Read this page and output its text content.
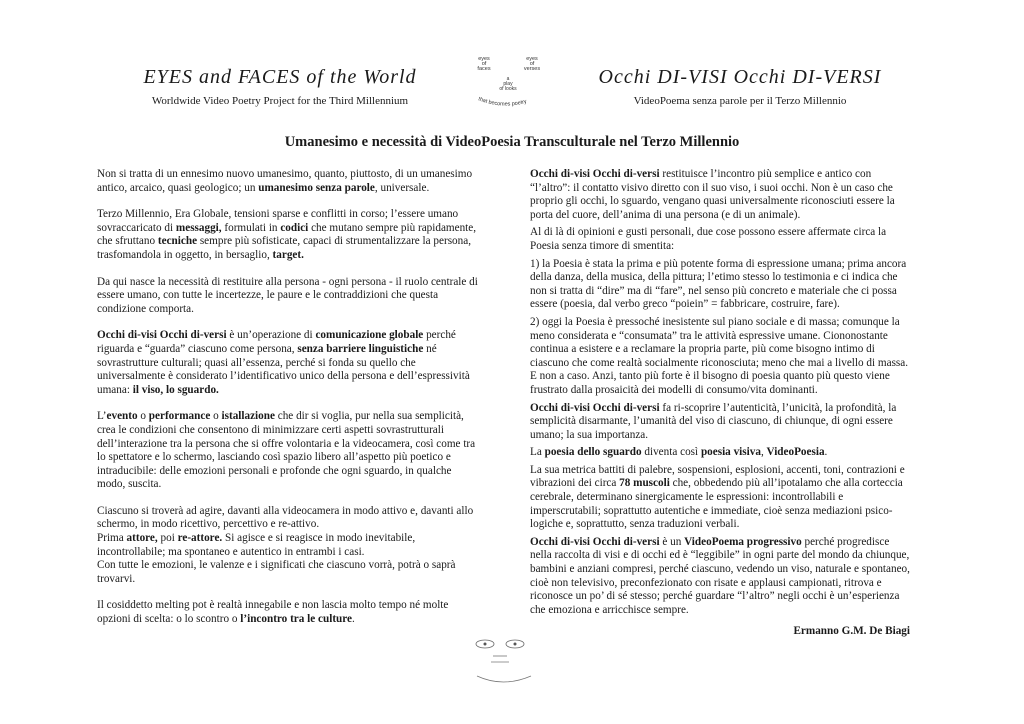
EYES and FACES of the World
Worldwide Video Poetry Project for the Third Millennium
eyes
of
faces
eyes
of
verses
a
play
of looks
that becomes poetry
Occhi DI-VISI Occhi DI-VERSI
VideoPoema senza parole per il Terzo Millennio
Umanesimo e necessità di VideoPoesia Transculturale nel Terzo Millennio

Non si tratta di un ennesimo nuovo umanesimo, quanto, piuttosto, di un umanesimo antico, arcaico, quasi geologico; un umanesimo senza parole, universale.

Terzo Millennio, Era Globale, tensioni sparse e conflitti in corso; l’essere umano sovraccaricato di messaggi, formulati in codici che mutano sempre più rapidamente, che sfruttano tecniche sempre più sofisticate, capaci di strumentalizzare la persona, trasfomandola in oggetto, in bersaglio, target.

Da qui nasce la necessità di restituire alla persona - ogni persona - il ruolo centrale di essere umano, con tutte le incertezze, le paure e le contraddizioni che questa condizione comporta.

Occhi di-visi Occhi di-versi è un’operazione di comunicazione globale perché riguarda e “guarda” ciascuno come persona, senza barriere linguistiche né sovrastrutture culturali; quasi all’essenza, perché si fonda su quello che universalmente è considerato l’identificativo unico della persona e dell’espressività umana: il viso, lo sguardo.

L’evento o performance o istallazione che dir si voglia, pur nella sua semplicità, crea le condizioni che consentono di minimizzare certi aspetti sovrastrutturali dell’interazione tra la persona che si offre volontaria e la videocamera, così come tra lo spettatore e lo schermo, lasciando così spazio libero all’aspetto più poetico e intraducibile: delle emozioni personali e profonde che ogni sguardo, in qualche modo, suscita.

Ciascuno si troverà ad agire, davanti alla videocamera in modo attivo e, davanti allo schermo, in modo ricettivo, percettivo e re-attivo.
Prima attore, poi re-attore. Si agisce e si reagisce in modo inevitabile, incontrollabile; ma spontaneo e autentico in entrambi i casi.
Con tutte le emozioni, le valenze e i significati che ciascuno vorrà, potrà o saprà trovarvi.

Il cosiddetto melting pot è realtà innegabile e non lascia molto tempo né molte opzioni di scelta: o lo scontro o l’incontro tra le culture.

Occhi di-visi Occhi di-versi restituisce l’incontro più semplice e antico con “l’altro”: il contatto visivo diretto con il suo viso, i suoi occhi. Non è un caso che proprio gli occhi, lo sguardo, vengano quasi universalmente riconosciuti essere la porta del cuore, dell’anima di una persona (e di un animale).

Al di là di opinioni e gusti personali, due cose possono essere affermate circa la Poesia senza timore di smentita:

1) la Poesia è stata la prima e più potente forma di espressione umana; prima ancora della danza, della musica, della pittura; l’etimo stesso lo testimonia e ci indica che non si tratta di “dire” ma di “fare”, nel senso più concreto e materiale che ci possa essere (poesia, dal verbo greco “poiein” = fabbricare, costruire, fare).

2) oggi la Poesia è pressoché inesistente sul piano sociale e di massa; comunque la meno considerata e “consumata” tra le attività espressive umane. Ciononostante continua a esistere e a reclamare la propria parte, più come bisogno intimo di ciascuno che come realtà socialmente riconosciuta; meno che mai a livello di massa. E non a caso. Anzi, tanto più forte è il bisogno di poesia quanto più questo viene frustrato dalla prosaicità dei modelli di consumo/vita dominanti.

Occhi di-visi Occhi di-versi fa ri-scoprire l’autenticità, l’unicità, la profondità, la semplicità disarmante, l’umanità del viso di ciascuno, di chiunque, di ogni essere umano; la sua importanza.

La poesia dello sguardo diventa così poesia visiva, VideoPoesia.

La sua metrica battiti di palebre, sospensioni, esplosioni, accenti, toni, contrazioni e vibrazioni dei circa 78 muscoli che, obbedendo più all’ipotalamo che alla corteccia cerebrale, determinano sinergicamente le espressioni: incontrollabili e imperscrutabili; soprattutto autentiche e immediate, cioè senza mediazioni psico-logiche e, soprattutto, senza traduzioni verbali.

Occhi di-visi Occhi di-versi è un VideoPoema progressivo perché progredisce nella raccolta di visi e di occhi ed è “leggibile” in ogni parte del mondo da chiunque, bambini e anziani compresi, perché ciascuno, vedendo un viso, naturale e spontaneo, cioè non televisivo, preconfezionato con risate e applausi campionati, ritrova e riconosce un po’ di sé stesso; perché guardare “l’altro” negli occhi è un’esperienza che emoziona e arricchisce sempre.

Ermanno G.M. De Biagi
